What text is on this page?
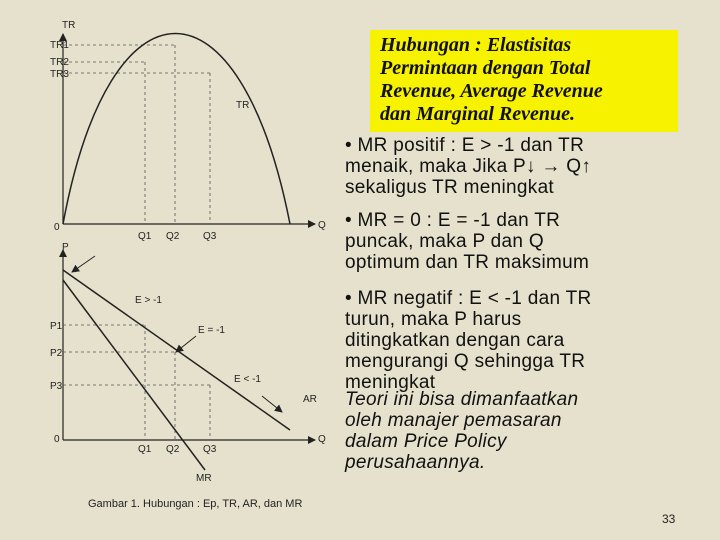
TR
TR1
TR2
TR3
TR
0
Q1 Q2 Q3
Q
P
P1
P2
P3
E > -1
E = -1
E < -1
AR
0
Q1 Q2 Q3
Q
MR
Gambar 1. Hubungan : Ep, TR, AR, dan MR
Hubungan : Elastisitas
Permintaan dengan Total
Revenue, Average Revenue
dan Marginal Revenue.

• MR positif : E > -1 dan TR
menaik, maka Jika P↓ → Q↑
sekaligus TR meningkat

• MR = 0 : E = -1 dan TR
puncak, maka P dan Q
optimum dan TR maksimum

• MR negatif : E < -1 dan TR
turun, maka P harus
ditingkatkan dengan cara
mengurangi Q sehingga TR
meningkat

Teori ini bisa dimanfaatkan
oleh manajer pemasaran
dalam Price Policy
perusahaannya.

33
